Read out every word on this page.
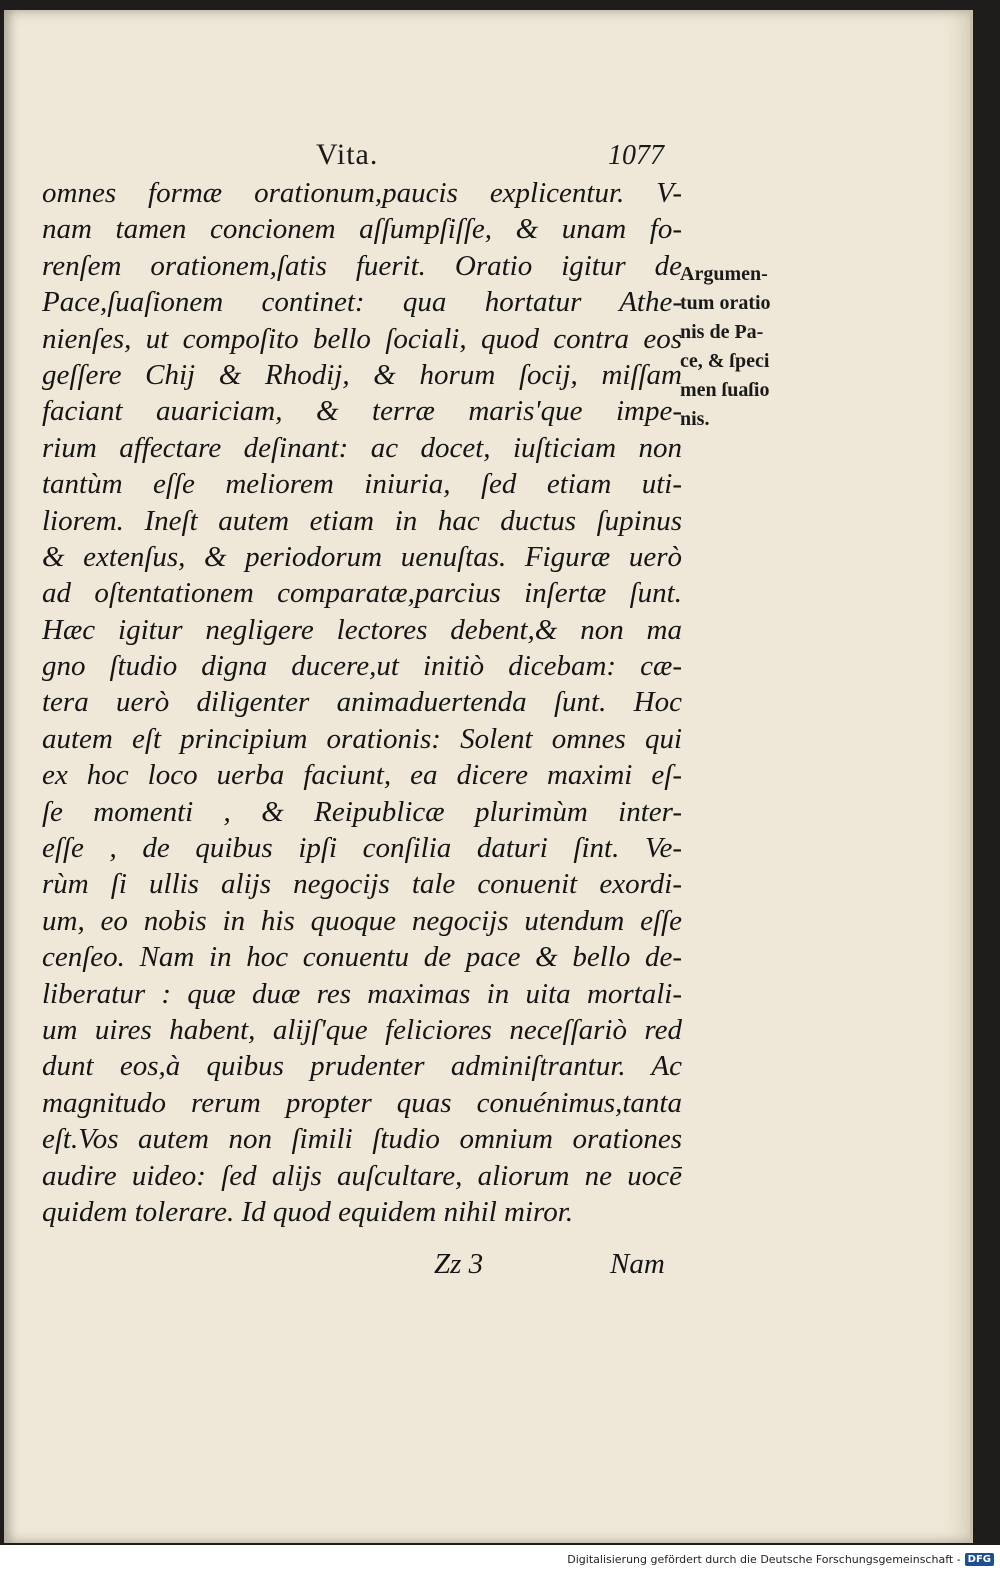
Vita.	1077
omnes formæ orationum,paucis explicentur. V-
nam tamen concionem aſſumpſiſſe, & unam fo-
renſem orationem,ſatis fuerit. Oratio igitur de
Pace,ſuaſionem continet: qua hortatur Athe-
nienſes, ut compoſito bello ſociali, quod contra eos
geſſere Chij & Rhodij, & horum ſocij, miſſam
faciant auariciam, & terræ maris'que impe-
rium affectare deſinant: ac docet, iuſticiam non
tantùm eſſe meliorem iniuria, ſed etiam uti-
liorem. Ineſt autem etiam in hac ductus ſupinus
& extenſus, & periodorum uenuſtas. Figuræ uerò
ad oſtentationem comparatæ,parcius inſertæ ſunt.
Hæc igitur negligere lectores debent,& non ma
gno ſtudio digna ducere,ut initiò dicebam: cæ-
tera uerò diligenter animaduertenda ſunt. Hoc
autem eſt principium orationis: Solent omnes qui
ex hoc loco uerba faciunt, ea dicere maximi eſ-
ſe momenti , & Reipublicæ plurimùm inter-
eſſe , de quibus ipſi conſilia daturi ſint. Ve-
rùm ſi ullis alijs negocijs tale conuenit exordi-
um, eo nobis in his quoque negocijs utendum eſſe
cenſeo. Nam in hoc conuentu de pace & bello de-
liberatur : quæ duæ res maximas in uita mortali-
um uires habent, alijſ'que feliciores neceſſariò red
dunt eos,à quibus prudenter adminiſtrantur. Ac
magnitudo rerum propter quas conuénimus,tanta
eſt.Vos autem non ſimili ſtudio omnium orationes
audire uideo: ſed alijs auſcultare, aliorum ne uocē
quidem tolerare. Id quod equidem nihil miror.
Argumen-
tum oratio
nis de Pa-
ce, & ſpeci
men ſuaſio
nis.
Zz 3	Nam
Digitalisierung gefördert durch die Deutsche Forschungsgemeinschaft - DFG
